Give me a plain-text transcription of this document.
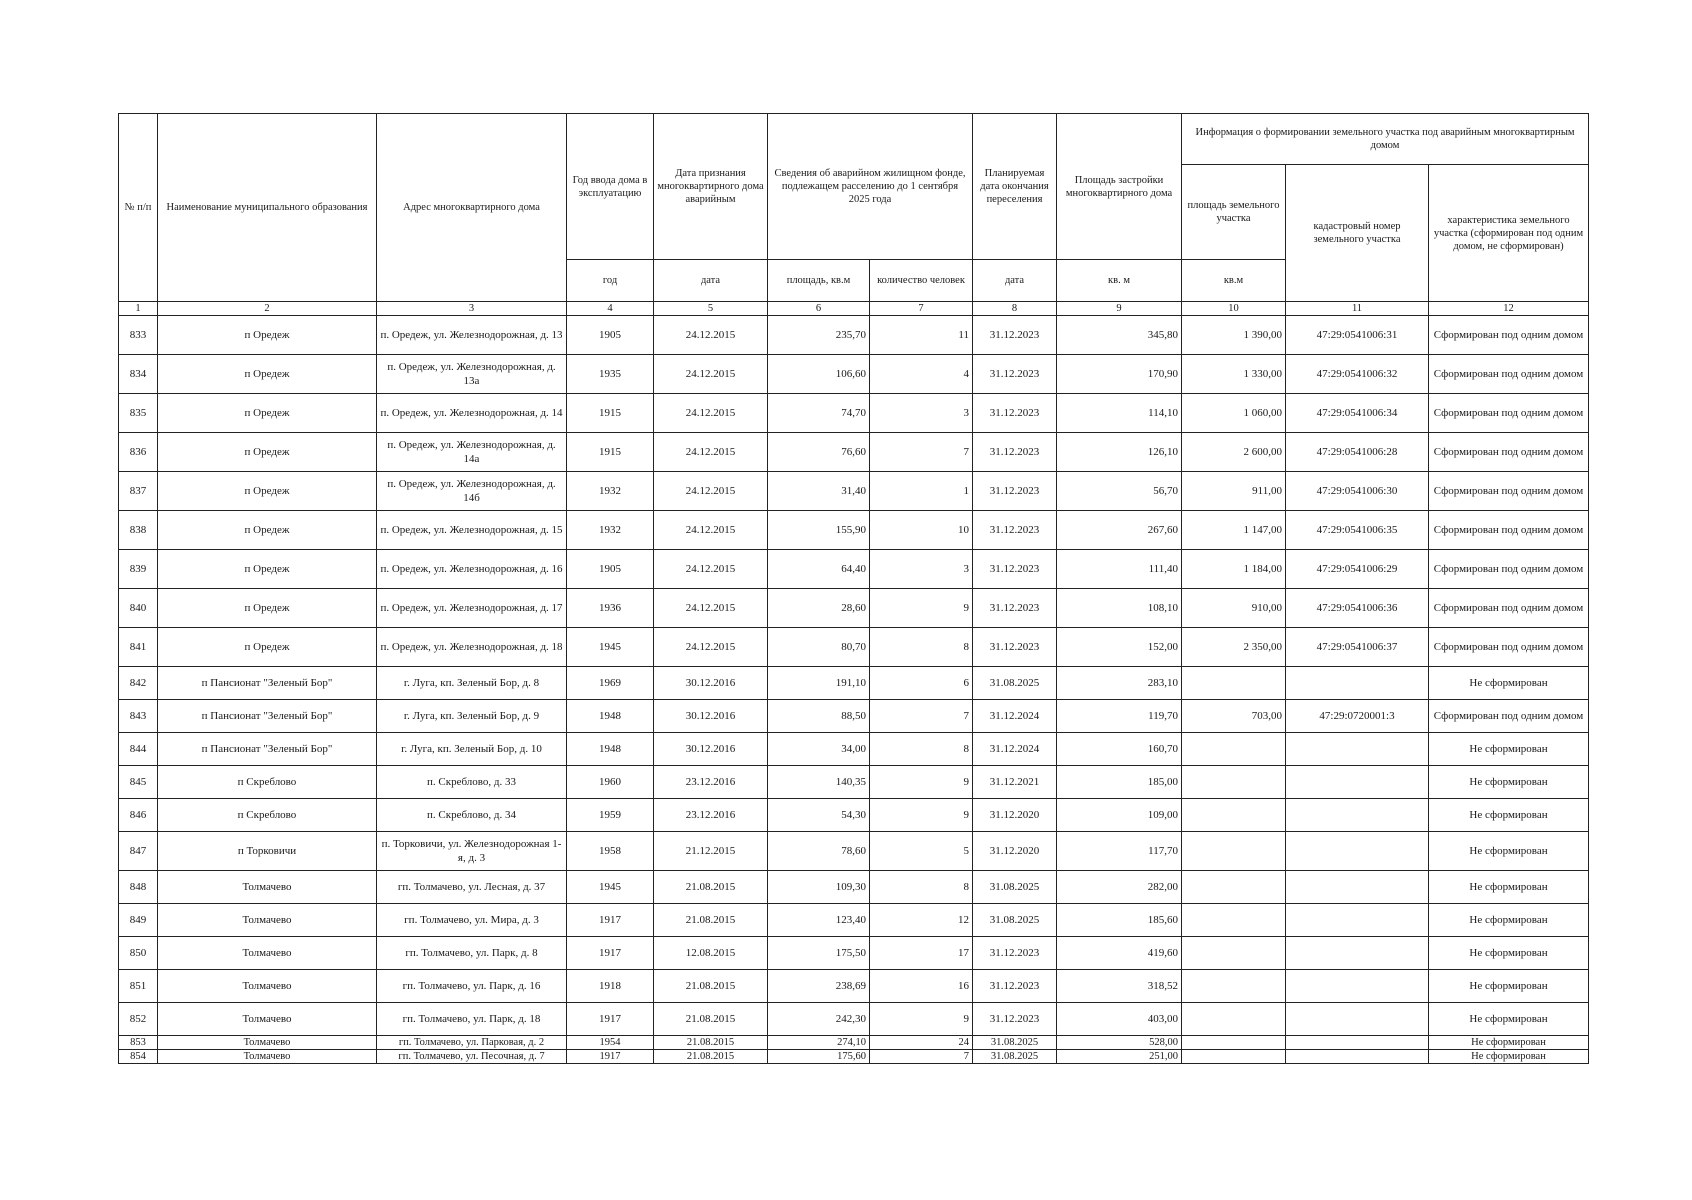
№ п/п	Наименование муниципального образования	Адрес многоквартирного дома	Год ввода дома в эксплуатацию	Дата признания многоквартирного дома аварийным	Сведения об аварийном жилищном фонде, подлежащем расселению до 1 сентября 2025 года		Планируемая дата окончания переселения	Площадь застройки многоквартирного дома	Информация о формировании земельного участка под аварийным многоквартирным домом		
									площадь земельного участка	кадастровый номер земельного участка	характеристика земельного участка (сформирован под одним домом, не сформирован)
			год	дата	площадь, кв.м	количество человек	дата	кв. м	кв.м		
1	2	3	4	5	6	7	8	9	10	11	12
833	п Оредеж	п. Оредеж, ул. Железнодорожная, д. 13	1905	24.12.2015	235,70	11	31.12.2023	345,80	1 390,00	47:29:0541006:31	Сформирован под одним домом
834	п Оредеж	п. Оредеж, ул. Железнодорожная, д. 13а	1935	24.12.2015	106,60	4	31.12.2023	170,90	1 330,00	47:29:0541006:32	Сформирован под одним домом
835	п Оредеж	п. Оредеж, ул. Железнодорожная, д. 14	1915	24.12.2015	74,70	3	31.12.2023	114,10	1 060,00	47:29:0541006:34	Сформирован под одним домом
836	п Оредеж	п. Оредеж, ул. Железнодорожная, д. 14а	1915	24.12.2015	76,60	7	31.12.2023	126,10	2 600,00	47:29:0541006:28	Сформирован под одним домом
837	п Оредеж	п. Оредеж, ул. Железнодорожная, д. 14б	1932	24.12.2015	31,40	1	31.12.2023	56,70	911,00	47:29:0541006:30	Сформирован под одним домом
838	п Оредеж	п. Оредеж, ул. Железнодорожная, д. 15	1932	24.12.2015	155,90	10	31.12.2023	267,60	1 147,00	47:29:0541006:35	Сформирован под одним домом
839	п Оредеж	п. Оредеж, ул. Железнодорожная, д. 16	1905	24.12.2015	64,40	3	31.12.2023	111,40	1 184,00	47:29:0541006:29	Сформирован под одним домом
840	п Оредеж	п. Оредеж, ул. Железнодорожная, д. 17	1936	24.12.2015	28,60	9	31.12.2023	108,10	910,00	47:29:0541006:36	Сформирован под одним домом
841	п Оредеж	п. Оредеж, ул. Железнодорожная, д. 18	1945	24.12.2015	80,70	8	31.12.2023	152,00	2 350,00	47:29:0541006:37	Сформирован под одним домом
842	п Пансионат "Зеленый Бор"	г. Луга, кп. Зеленый Бор, д. 8	1969	30.12.2016	191,10	6	31.08.2025	283,10			Не сформирован
843	п Пансионат "Зеленый Бор"	г. Луга, кп. Зеленый Бор, д. 9	1948	30.12.2016	88,50	7	31.12.2024	119,70	703,00	47:29:0720001:3	Сформирован под одним домом
844	п Пансионат "Зеленый Бор"	г. Луга, кп. Зеленый Бор, д. 10	1948	30.12.2016	34,00	8	31.12.2024	160,70			Не сформирован
845	п Скреблово	п. Скреблово, д. 33	1960	23.12.2016	140,35	9	31.12.2021	185,00			Не сформирован
846	п Скреблово	п. Скреблово, д. 34	1959	23.12.2016	54,30	9	31.12.2020	109,00			Не сформирован
847	п Торковичи	п. Торковичи, ул. Железнодорожная 1-я, д. 3	1958	21.12.2015	78,60	5	31.12.2020	117,70			Не сформирован
848	Толмачево	гп. Толмачево, ул. Лесная, д. 37	1945	21.08.2015	109,30	8	31.08.2025	282,00			Не сформирован
849	Толмачево	гп. Толмачево, ул. Мира, д. 3	1917	21.08.2015	123,40	12	31.08.2025	185,60			Не сформирован
850	Толмачево	гп. Толмачево, ул. Парк, д. 8	1917	12.08.2015	175,50	17	31.12.2023	419,60			Не сформирован
851	Толмачево	гп. Толмачево, ул. Парк, д. 16	1918	21.08.2015	238,69	16	31.12.2023	318,52			Не сформирован
852	Толмачево	гп. Толмачево, ул. Парк, д. 18	1917	21.08.2015	242,30	9	31.12.2023	403,00			Не сформирован
853	Толмачево	гп. Толмачево, ул. Парковая, д. 2	1954	21.08.2015	274,10	24	31.08.2025	528,00			Не сформирован
854	Толмачево	гп. Толмачево, ул. Песочная, д. 7	1917	21.08.2015	175,60	7	31.08.2025	251,00			Не сформирован
